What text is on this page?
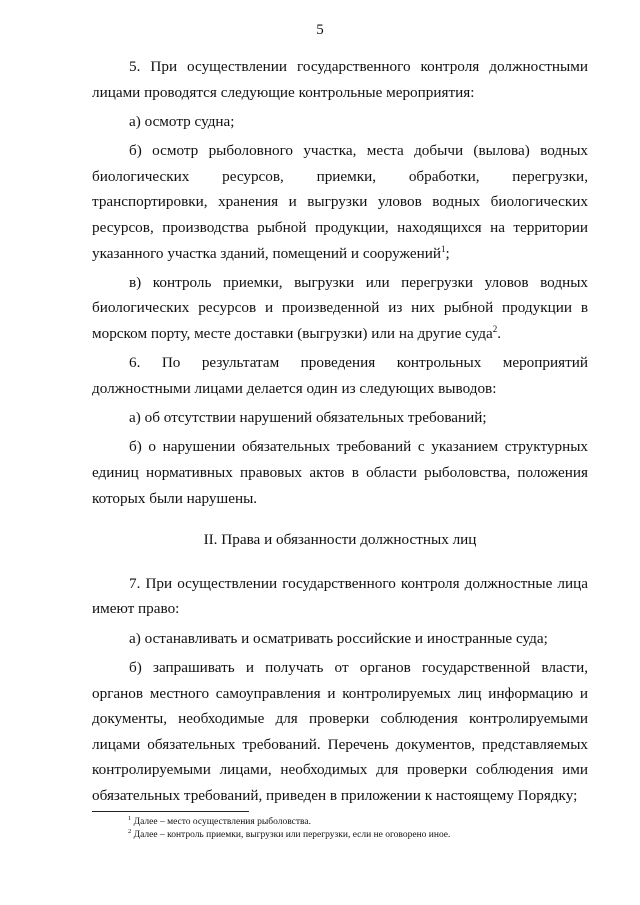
5

5. При осуществлении государственного контроля должностными лицами проводятся следующие контрольные мероприятия:

а) осмотр судна;

б) осмотр рыболовного участка, места добычи (вылова) водных биологических ресурсов, приемки, обработки, перегрузки, транспортировки, хранения и выгрузки уловов водных биологических ресурсов, производства рыбной продукции, находящихся на территории указанного участка зданий, помещений и сооружений$^1$;

в) контроль приемки, выгрузки или перегрузки уловов водных биологических ресурсов и произведенной из них рыбной продукции в морском порту, месте доставки (выгрузки) или на другие суда$^2$.

6. По результатам проведения контрольных мероприятий должностными лицами делается один из следующих выводов:

а) об отсутствии нарушений обязательных требований;

б) о нарушении обязательных требований с указанием структурных единиц нормативных правовых актов в области рыболовства, положения которых были нарушены.

II. Права и обязанности должностных лиц

7. При осуществлении государственного контроля должностные лица имеют право:

а) останавливать и осматривать российские и иностранные суда;

б) запрашивать и получать от органов государственной власти, органов местного самоуправления и контролируемых лиц информацию и документы, необходимые для проверки соблюдения контролируемыми лицами обязательных требований. Перечень документов, представляемых контролируемыми лицами, необходимых для проверки соблюдения ими обязательных требований, приведен в приложении к настоящему Порядку;

$^1$ Далее – место осуществления рыболовства.
$^2$ Далее – контроль приемки, выгрузки или перегрузки, если не оговорено иное.
